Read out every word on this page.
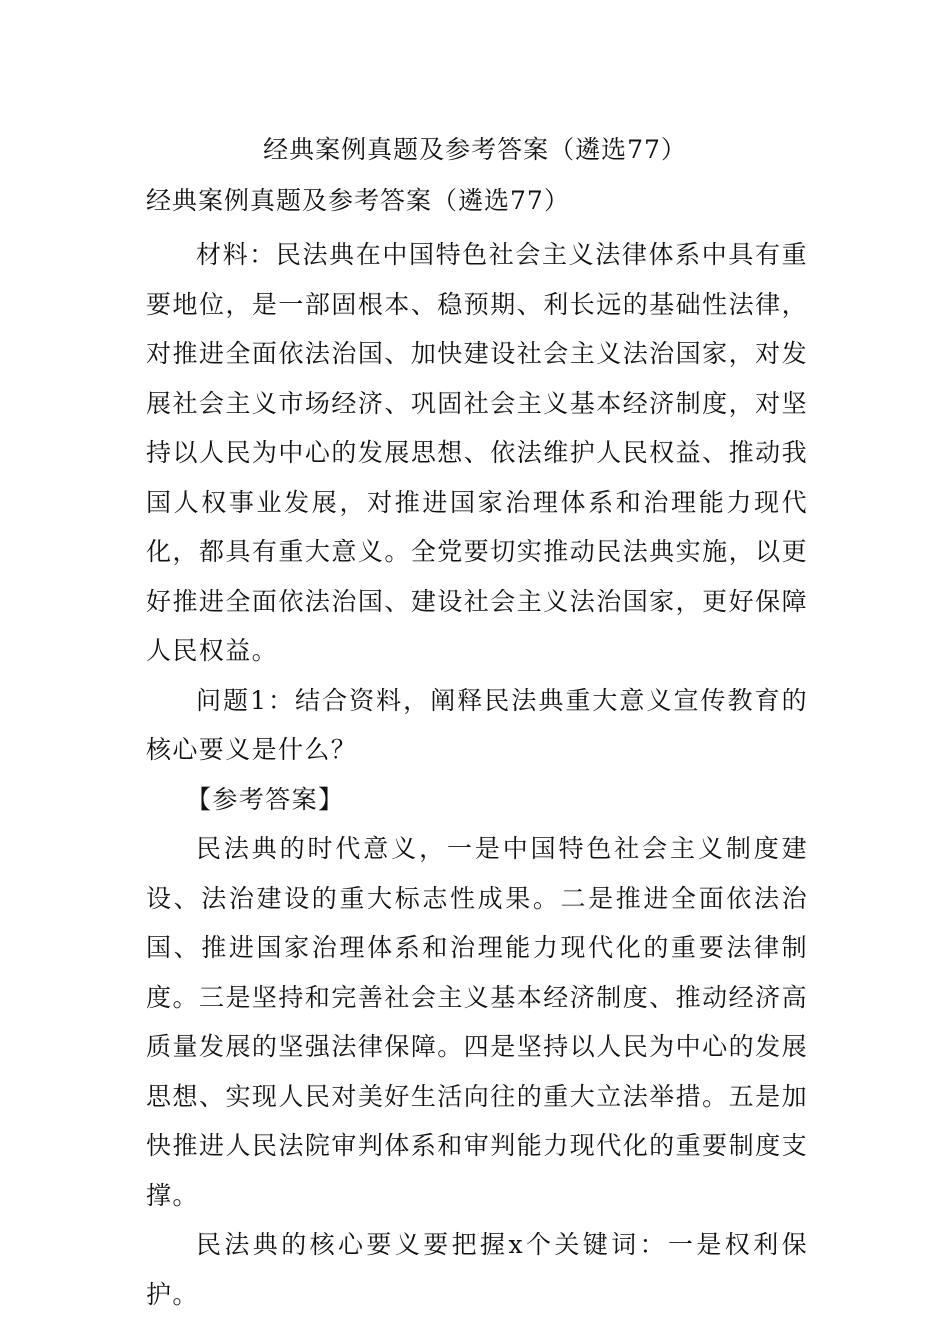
经典案例真题及参考答案（遴选77）
经典案例真题及参考答案（遴选77）

材料：民法典在中国特色社会主义法律体系中具有重要地位，是一部固根本、稳预期、利长远的基础性法律，对推进全面依法治国、加快建设社会主义法治国家，对发展社会主义市场经济、巩固社会主义基本经济制度，对坚持以人民为中心的发展思想、依法维护人民权益、推动我国人权事业发展，对推进国家治理体系和治理能力现代化，都具有重大意义。全党要切实推动民法典实施，以更好推进全面依法治国、建设社会主义法治国家，更好保障人民权益。

问题1：结合资料，阐释民法典重大意义宣传教育的核心要义是什么？

【参考答案】

民法典的时代意义，一是中国特色社会主义制度建设、法治建设的重大标志性成果。二是推进全面依法治国、推进国家治理体系和治理能力现代化的重要法律制度。三是坚持和完善社会主义基本经济制度、推动经济高质量发展的坚强法律保障。四是坚持以人民为中心的发展思想、实现人民对美好生活向往的重大立法举措。五是加快推进人民法院审判体系和审判能力现代化的重要制度支撑。

民法典的核心要义要把握x个关键词：一是权利保护。
